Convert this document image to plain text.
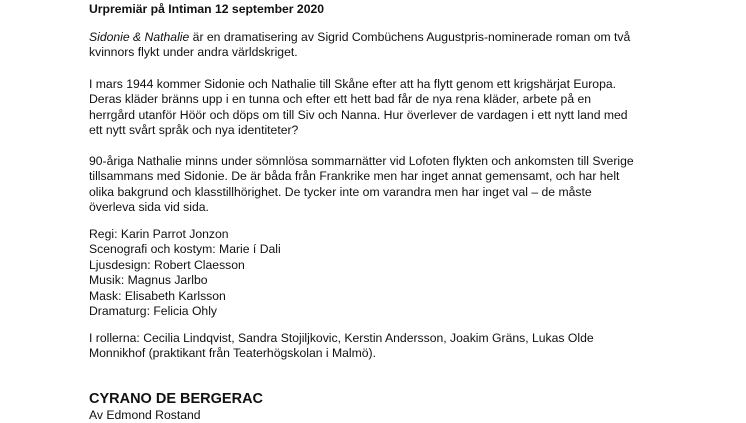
Urpremiär på Intiman 12 september 2020

Sidonie & Nathalie är en dramatisering av Sigrid Combüchens Augustpris-nominerade roman om två
kvinnors flykt under andra världskriget.

I mars 1944 kommer Sidonie och Nathalie till Skåne efter att ha flytt genom ett krigshärjat Europa.
Deras kläder bränns upp i en tunna och efter ett hett bad får de nya rena kläder, arbete på en
herrgård utanför Höör och döps om till Siv och Nanna. Hur överlever de vardagen i ett nytt land med
ett nytt svårt språk och nya identiteter?

90-åriga Nathalie minns under sömnlösa sommarnätter vid Lofoten flykten och ankomsten till Sverige
tillsammans med Sidonie. De är båda från Frankrike men har inget annat gemensamt, och har helt
olika bakgrund och klasstillhörighet. De tycker inte om varandra men har inget val – de måste
överleva sida vid sida.

Regi: Karin Parrot Jonzon
Scenografi och kostym: Marie í Dali
Ljusdesign: Robert Claesson
Musik: Magnus Jarlbo
Mask: Elisabeth Karlsson
Dramaturg: Felicia Ohly

I rollerna: Cecilia Lindqvist, Sandra Stojiljkovic, Kerstin Andersson, Joakim Gräns, Lukas Olde
Monnikhof (praktikant från Teaterhögskolan i Malmö).

CYRANO DE BERGERAC
Av Edmond Rostand
